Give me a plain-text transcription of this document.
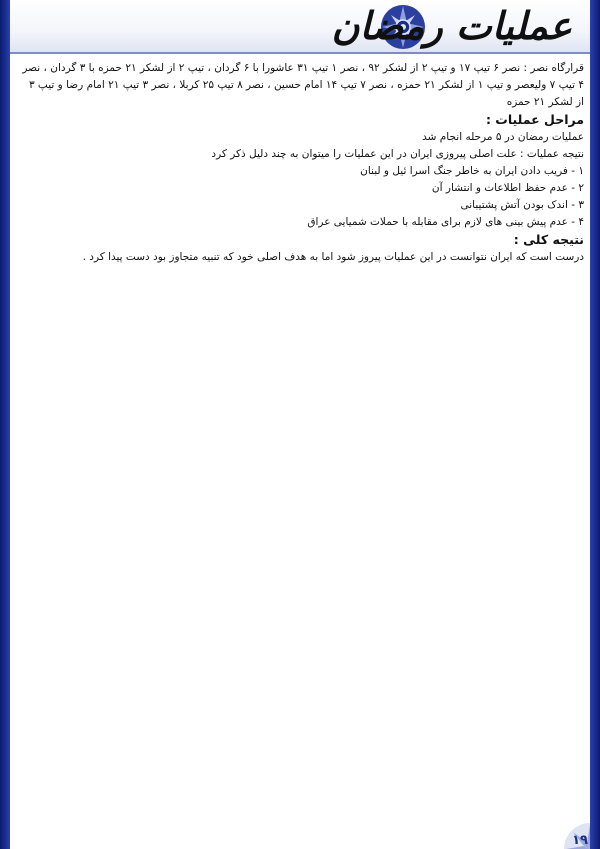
عملیات رمضان

قرارگاه نصر : نصر ۶ تیپ ۱۷ و تیپ ۲ از لشکر ۹۲ ، نصر ۱ تیپ ۳۱ عاشورا با ۶ گردان ، تیپ ۲ از لشکر ۲۱ حمزه با ۳ گردان ، نصر ۴ تیپ ۷ ولیعصر و تیپ ۱ از لشکر ۲۱ حمزه ، نصر ۷ تیپ ۱۴ امام حسین ، نصر ۸ تیپ ۲۵ کربلا ، نصر ۳ تیپ ۲۱ امام رضا و تیپ ۳ از لشکر ۲۱ حمزه

مراحل عملیات :

عملیات رمضان در ۵ مرحله انجام شد

نتیجه عملیات : علت اصلی پیروزی ایران در این عملیات را میتوان به چند دلیل ذکر کرد

۱ - فریب دادن ایران به خاطر جنگ اسرا ئیل و لبنان

۲ - عدم حفظ اطلاعات و انتشار آن

۳ - اندک بودن آتش پشتیبانی

۴ - عدم پیش بینی های لازم برای مقابله با حملات شمیایی عراق

نتیجه کلی :

درست است که ایران نتوانست در این عملیات پیروز شود اما به هدف اصلی خود که تنبیه متجاوز بود دست پیدا کرد .

۱۹
